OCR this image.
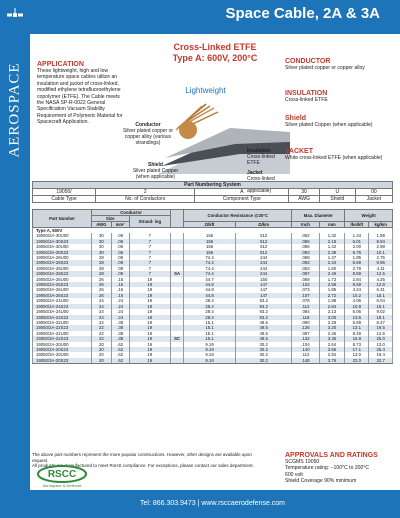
AEROSPACE
Space Cable, 2A & 3A
Cross-Linked ETFE
Type A: 600V, 200°C
Lightweight
APPLICATION
These lightweight, high and low temperature space cables utilize an insulation and jacket of cross-linked, modified ethylene tetrafluoroethylene copolymer (ETFE). The Cable meets the NASA SP-R-0022 General Specification Vacuum Stability Requirement of Polymeric Material for Spacecraft Application.	Conductor
Silver plated copper or copper alloy (various strandings)
Shield
Silver plated Copper (when applicable)
Insulation
Cross-linked ETFE
Jacket
Cross-linked applicable)
CONDUCTOR
Silver plated copper or copper alloy
INSULATION
Cross-linked ETFE
Shield
Silver plated Copper (when applicable)
JACKET
White cross-linked ETFE (when applicable)
Part Numbering System					
19050/	2	A	30	U	00
Cable Type	No. of Conductors	Component Type	AWG	Shield	Jacket
Part Number	Conductor				Conductor Resistance @20°C		Max. Diameter		Weight	
	Size		Strand- ing							
	AWG	mm²			Ω/kft	Ω/km	Inch	mm	lbs/kft	kg/km
Type A, 600V										
19050/2A-30U00	30	.06	7		156	512	.052	1.32	1.34	1.99
19050/2A-30S23	30	.06	7		156	512	.086	2.18	6.01	8.94
19050/3A-30U00	30	.06	7		156	512	.056	1.42	2.00	2.98
19050/3A-30S23	30	.06	7		156	512	.093	2.39	6.76	10.1
19050/2A-28U00	28	.09	7		74.4	244	.058	1.47	1.85	2.75
19050/2A-28S23	28	.09	7		74.4	244	.092	2.34	6.69	9.96
19050/3A-28U00	28	.09	7		74.4	244	.063	1.60	2.79	4.11
19050/3A-28S23	28	.09	7	SA	74.4	244	.097	2.46	8.59	12.5
19050/2A-26U00	26	.15	19		44.7	150	.068	1.73	2.84	4.25
19050/2A-26S23	26	.15	19		44.8	147	.102	2.59	8.58	12.8
19050/3A-26U00	26	.15	19		44.8	147	.073	1.85	4.24	6.31
19050/3A-26S23	26	.15	19		44.8	147	.107	2.72	10.2	15.1
19050/2A-24U00	24	.24	19		28.4	93.2	.078	1.98	4.06	6.04
19050/2A-24S23	24	.24	19		28.4	93.2	.112	2.84	10.8	16.1
19050/3A-24U00	24	.24	19		28.4	93.2	.084	2.13	6.06	9.02
19050/3A-24S23	24	.24	19		28.4	93.2	.118	3.00	13.6	19.1
19050/2A-22U00	22	.38	19		15.1	49.5	.090	2.29	5.69	8.47
19050/2A-22S23	22	.38	19		15.1	49.5	.126	3.20	13.1	19.5
19050/3A-22U00	22	.38	19		15.1	49.5	.097	2.46	8.49	12.6
19050/3A-22S23	22	.38	19	SC	15.1	49.5	.132	3.35	16.8	25.0
19050/2A-20U00	20	.62	19		9.19	30.2	.104	2.64	8.73	13.0
19050/2A-20S23	20	.62	19		9.19	30.2	.140	3.56	17.1	25.4
19050/3A-20U00	20	.62	19		9.19	30.2	.112	2.84	13.0	19.4
19050/3A-20S23	20	.62	19		9.19	30.2	.148	3.76	22.0	32.7
The above part numbers represent the more popular constructions. However, other designs are available upon request.
All products are manufactured to meet RoHS compliance. For exceptions, please contact our sales department.
APPROVALS AND RATINGS
SCGMS 19050
Temperature rating: −100°C to 200°C
600 volt
Shield Coverage 90% minimum
RSCC
Aerospace & Defense
Tel: 866.303.9473 | www.rsccaerodefense.com
